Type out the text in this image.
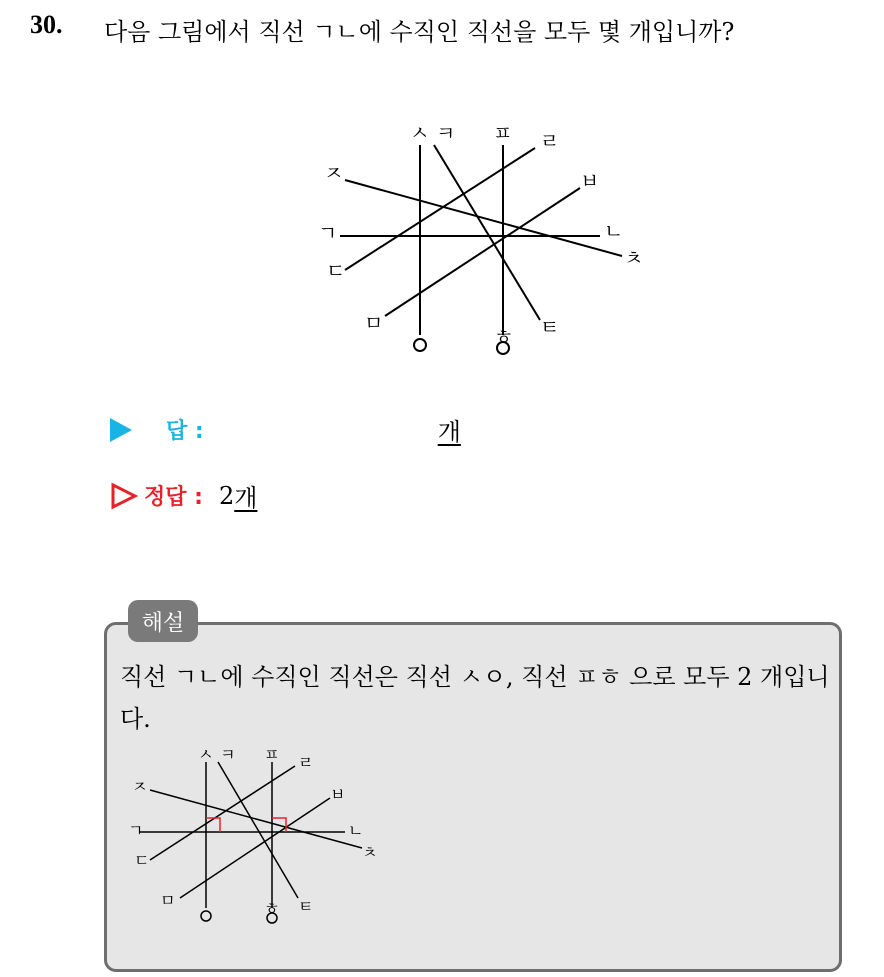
30. 다음 그림에서 직선 ㄱㄴ에 수직인 직선을 모두 몇 개입니까?
ㅅ ㅋ ㅍ ㄹ
ㅈ	ㅂ
ㄱ	ㄴ
ㅊ
ㄷ
ㅁ	ㅌ
ㅎ
답 :	개
정답 : 2 개
해설
직선 ㄱㄴ에 수직인 직선은 직선 ㅅㅇ, 직선 ㅍㅎ 으로 모두 2 개입니다.
ㅅ ㅋ ㅍ ㄹ
ㅈ	ㅂ
ㄱ	ㄴ
ㅊ
ㄷ
ㅁ	ㅌ
ㅎ
